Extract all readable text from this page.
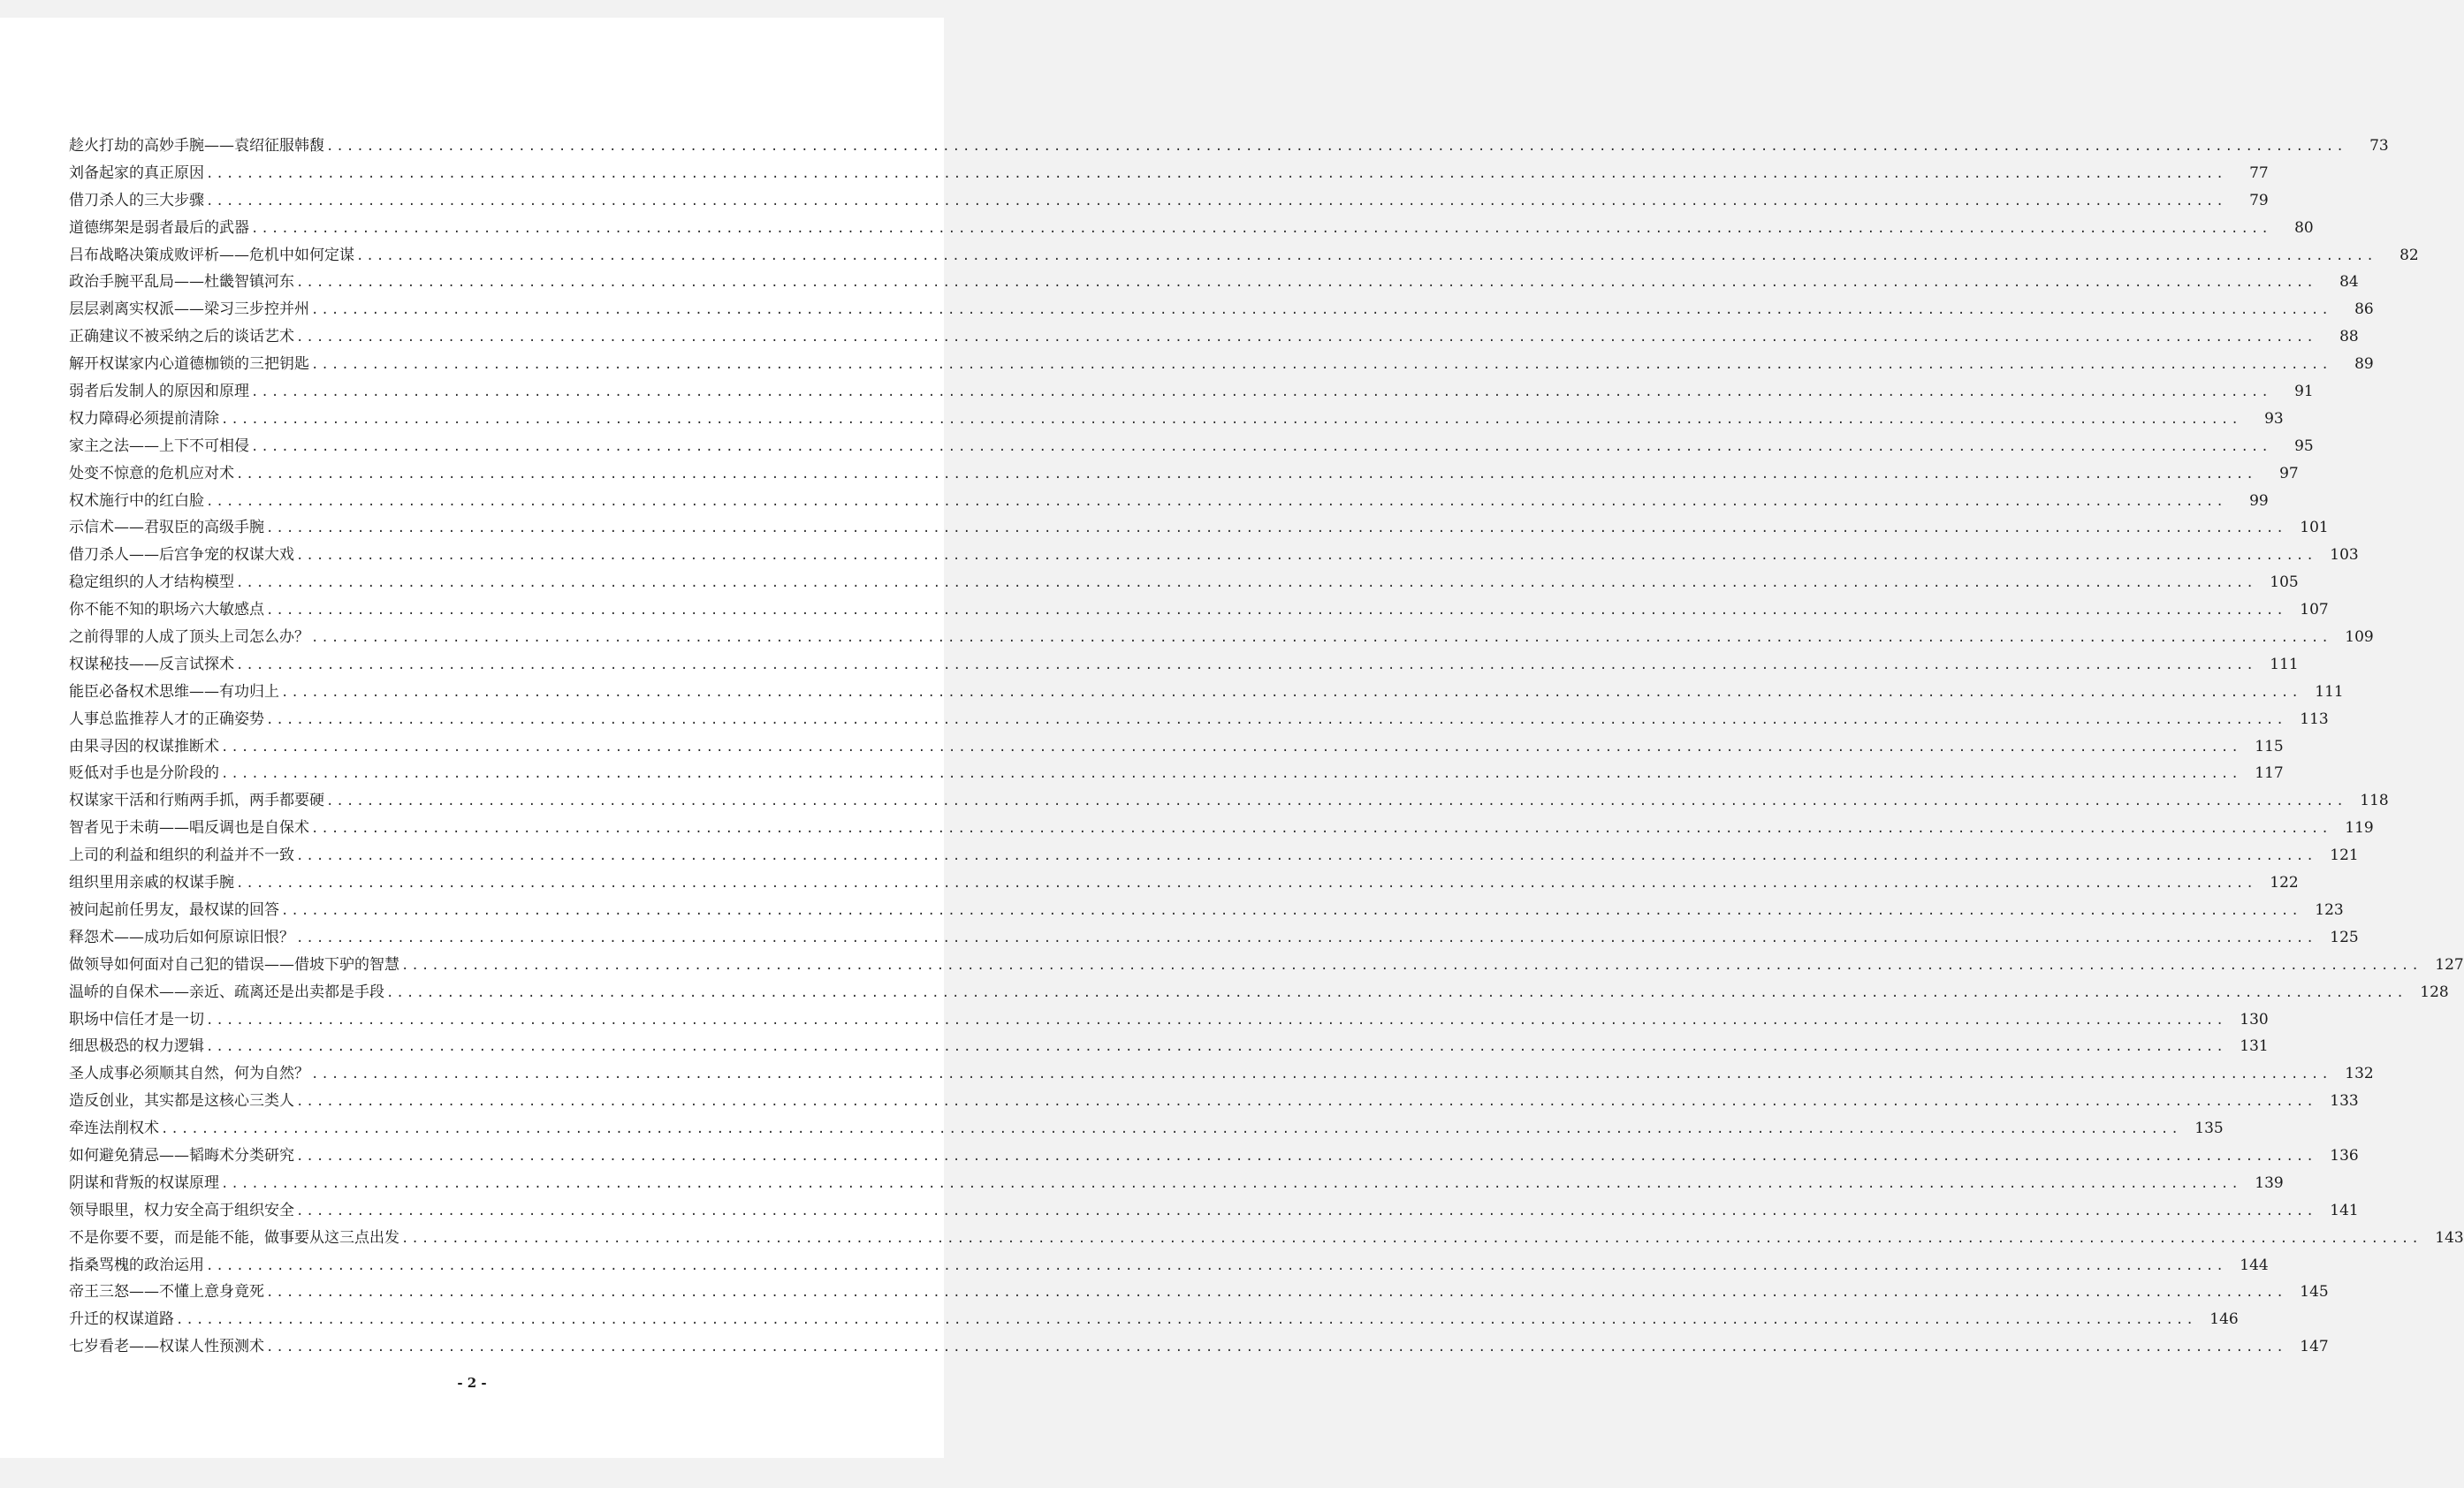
趁火打劫的高妙手腕——袁绍征服韩馥 ........................................................................................................................................................................................................	73
刘备起家的真正原因 ........................................................................................................................................................................................................	77
借刀杀人的三大步骤 ........................................................................................................................................................................................................	79
道德绑架是弱者最后的武器 ........................................................................................................................................................................................................	80
吕布战略决策成败评析——危机中如何定谋 ........................................................................................................................................................................................................	82
政治手腕平乱局——杜畿智镇河东 ........................................................................................................................................................................................................	84
层层剥离实权派——梁习三步控并州 ........................................................................................................................................................................................................	86
正确建议不被采纳之后的谈话艺术 ........................................................................................................................................................................................................	88
解开权谋家内心道德枷锁的三把钥匙 ........................................................................................................................................................................................................	89
弱者后发制人的原因和原理 ........................................................................................................................................................................................................	91
权力障碍必须提前清除 ........................................................................................................................................................................................................	93
家主之法——上下不可相侵 ........................................................................................................................................................................................................	95
处变不惊意的危机应对术 ........................................................................................................................................................................................................	97
权术施行中的红白脸 ........................................................................................................................................................................................................	99
示信术——君驭臣的高级手腕 ........................................................................................................................................................................................................ 101
借刀杀人——后宫争宠的权谋大戏 ........................................................................................................................................................................................................ 103
稳定组织的人才结构模型 ........................................................................................................................................................................................................ 105
你不能不知的职场六大敏感点 ........................................................................................................................................................................................................ 107
之前得罪的人成了顶头上司怎么办？ ........................................................................................................................................................................................................ 109
权谋秘技——反言试探术 ........................................................................................................................................................................................................ 111
能臣必备权术思维——有功归上 ........................................................................................................................................................................................................ 111
人事总监推荐人才的正确姿势 ........................................................................................................................................................................................................ 113
由果寻因的权谋推断术 ........................................................................................................................................................................................................ 115
贬低对手也是分阶段的 ........................................................................................................................................................................................................ 117
权谋家干活和行贿两手抓，两手都要硬 ........................................................................................................................................................................................................ 118
智者见于未萌——唱反调也是自保术 ........................................................................................................................................................................................................ 119
上司的利益和组织的利益并不一致 ........................................................................................................................................................................................................ 121
组织里用亲戚的权谋手腕 ........................................................................................................................................................................................................ 122
被问起前任男友，最权谋的回答 ........................................................................................................................................................................................................ 123
释怨术——成功后如何原谅旧恨？ ........................................................................................................................................................................................................ 125
做领导如何面对自己犯的错误——借坡下驴的智慧 ........................................................................................................................................................................................................ 127
温峤的自保术——亲近、疏离还是出卖都是手段 ........................................................................................................................................................................................................ 128
职场中信任才是一切 ........................................................................................................................................................................................................ 130
细思极恐的权力逻辑 ........................................................................................................................................................................................................ 131
圣人成事必须顺其自然，何为自然？ ........................................................................................................................................................................................................ 132
造反创业，其实都是这核心三类人 ........................................................................................................................................................................................................ 133
牵连法削权术 ........................................................................................................................................................................................................ 135
如何避免猜忌——韬晦术分类研究 ........................................................................................................................................................................................................ 136
阴谋和背叛的权谋原理 ........................................................................................................................................................................................................ 139
领导眼里，权力安全高于组织安全 ........................................................................................................................................................................................................ 141
不是你要不要，而是能不能，做事要从这三点出发 ........................................................................................................................................................................................................ 143
指桑骂槐的政治运用 ........................................................................................................................................................................................................ 144
帝王三怒——不懂上意身竟死 ........................................................................................................................................................................................................ 145
升迁的权谋道路 ........................................................................................................................................................................................................ 146
七岁看老——权谋人性预测术 ........................................................................................................................................................................................................ 147
- 2 -
